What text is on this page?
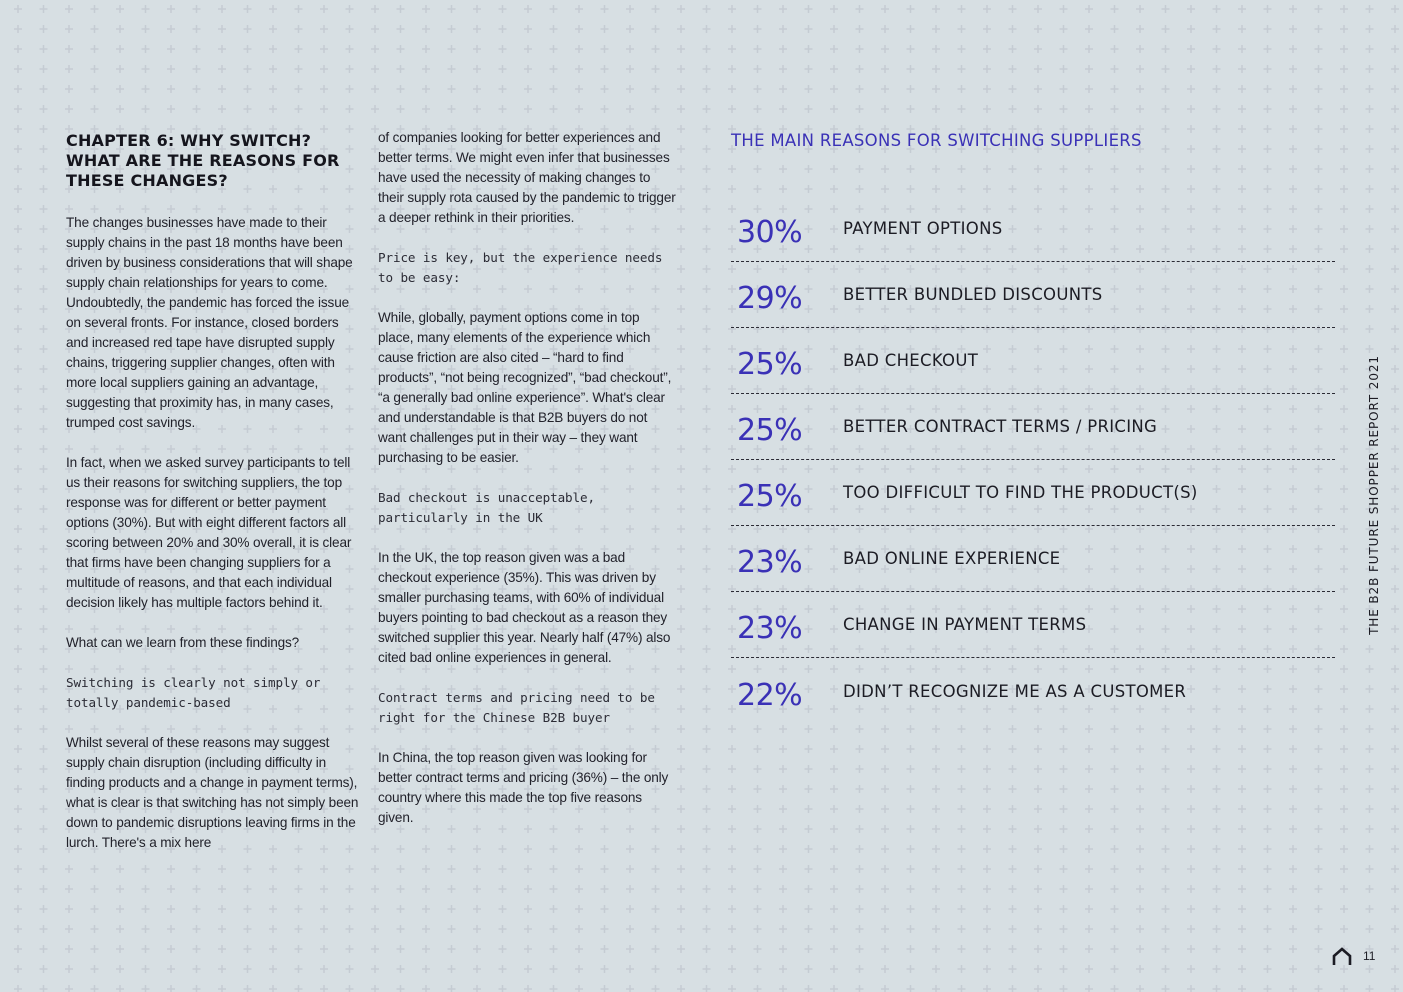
CHAPTER 6: WHY SWITCH? WHAT ARE THE REASONS FOR THESE CHANGES?

The changes businesses have made to their supply chains in the past 18 months have been driven by business considerations that will shape supply chain relationships for years to come. Undoubtedly, the pandemic has forced the issue on several fronts. For instance, closed borders and increased red tape have disrupted supply chains, triggering supplier changes, often with more local suppliers gaining an advantage, suggesting that proximity has, in many cases, trumped cost savings.

In fact, when we asked survey participants to tell us their reasons for switching suppliers, the top response was for different or better payment options (30%). But with eight different factors all scoring between 20% and 30% overall, it is clear that firms have been changing suppliers for a multitude of reasons, and that each individual decision likely has multiple factors behind it.

What can we learn from these findings?

Switching is clearly not simply or totally pandemic-based

Whilst several of these reasons may suggest supply chain disruption (including difficulty in finding products and a change in payment terms), what is clear is that switching has not simply been down to pandemic disruptions leaving firms in the lurch. There's a mix here

of companies looking for better experiences and better terms. We might even infer that businesses have used the necessity of making changes to their supply rota caused by the pandemic to trigger a deeper rethink in their priorities.

Price is key, but the experience needs to be easy:

While, globally, payment options come in top place, many elements of the experience which cause friction are also cited – “hard to find products”, “not being recognized”, “bad checkout”, “a generally bad online experience”. What's clear and understandable is that B2B buyers do not want challenges put in their way – they want purchasing to be easier.

Bad checkout is unacceptable, particularly in the UK

In the UK, the top reason given was a bad checkout experience (35%). This was driven by smaller purchasing teams, with 60% of individual buyers pointing to bad checkout as a reason they switched supplier this year. Nearly half (47%) also cited bad online experiences in general.

Contract terms and pricing need to be right for the Chinese B2B buyer

In China, the top reason given was looking for better contract terms and pricing (36%) – the only country where this made the top five reasons given.

THE MAIN REASONS FOR SWITCHING SUPPLIERS
30%	PAYMENT OPTIONS
29%	BETTER BUNDLED DISCOUNTS
25%	BAD CHECKOUT
25%	BETTER CONTRACT TERMS / PRICING
25%	TOO DIFFICULT TO FIND THE PRODUCT(S)
23%	BAD ONLINE EXPERIENCE
23%	CHANGE IN PAYMENT TERMS
22%	DIDN’T RECOGNIZE ME AS A CUSTOMER
THE B2B FUTURE SHOPPER REPORT 2021
11
